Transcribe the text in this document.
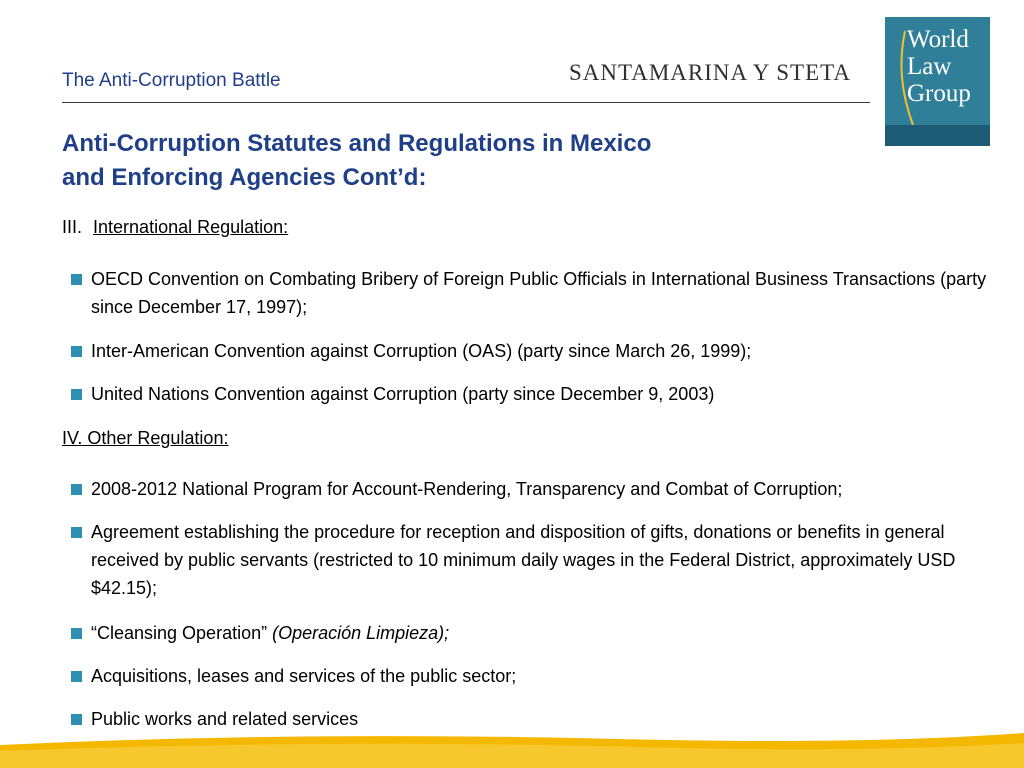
The Anti-Corruption Battle	SANTAMARINA Y STETA
World
Law
Group
Anti-Corruption Statutes and Regulations in Mexico
and Enforcing Agencies Cont’d:
III. International Regulation:
OECD Convention on Combating Bribery of Foreign Public Officials in International Business Transactions (party since December 17, 1997);
Inter-American Convention against Corruption (OAS) (party since March 26, 1999);
United Nations Convention against Corruption (party since December 9, 2003)
IV. Other Regulation:
2008-2012 National Program for Account-Rendering, Transparency and Combat of Corruption;
Agreement establishing the procedure for reception and disposition of gifts, donations or benefits in general received by public servants (restricted to 10 minimum daily wages in the Federal District, approximately USD $42.15);
“Cleansing Operation” (Operación Limpieza);
Acquisitions, leases and services of the public sector;
Public works and related services
